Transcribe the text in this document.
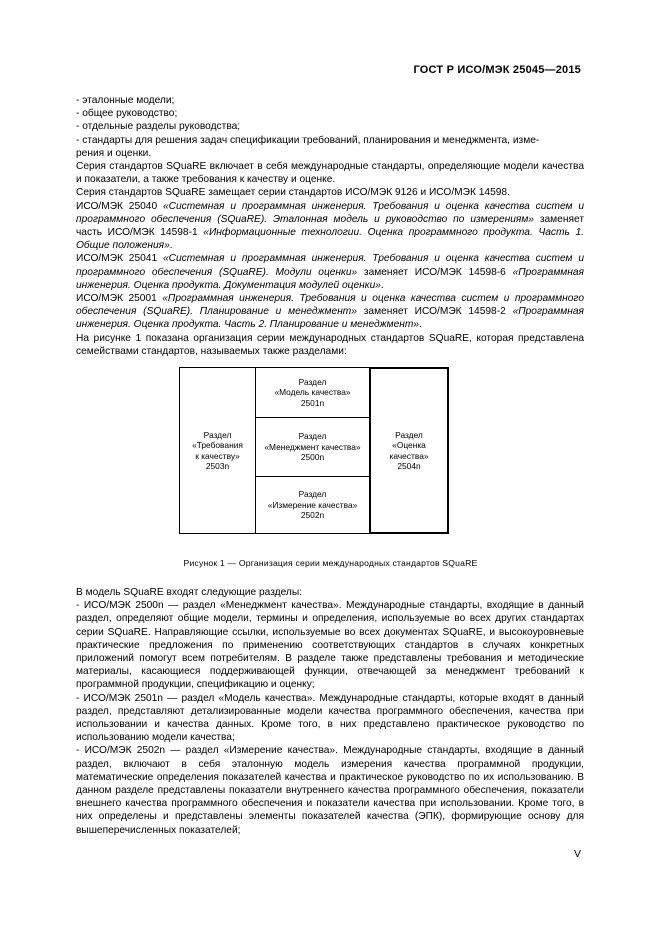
ГОСТ Р ИСО/МЭК 25045—2015

- эталонные модели;

- общее руководство;

- отдельные разделы руководства;

- стандарты для решения задач спецификации требований, планирования и менеджмента, изме-

рения и оценки.

Серия стандартов SQuaRE включает в себя международные стандарты, определяющие модели качества и показатели, а также требования к качеству и оценке.

Серия стандартов SQuaRE замещает серии стандартов ИСО/МЭК 9126 и ИСО/МЭК 14598.

ИСО/МЭК 25040 «Системная и программная инженерия. Требования и оценка качества систем и программного обеспечения (SQuaRE). Эталонная модель и руководство по измерениям» заменяет часть ИСО/МЭК 14598-1 «Информационные технологии. Оценка программного продукта. Часть 1. Общие положения».

ИСО/МЭК 25041 «Системная и программная инженерия. Требования и оценка качества систем и программного обеспечения (SQuaRE). Модули оценки» заменяет ИСО/МЭК 14598-6 «Программная инженерия. Оценка продукта. Документация модулей оценки».

ИСО/МЭК 25001 «Программная инженерия. Требования и оценка качества систем и программного обеспечения (SQuaRE). Планирование и менеджмент» заменяет ИСО/МЭК 14598-2 «Программная инженерия. Оценка продукта. Часть 2. Планирование и менеджмент».

На рисунке 1 показана организация серии международных стандартов SQuaRE, которая представлена семействами стандартов, называемых также разделами:

Раздел
«Требования
к качеству»
2503n
Раздел
«Модель качества»
2501n
Раздел
«Менеджмент качества»
2500n
Раздел
«Измерение качества»
2502n
Раздел
«Оценка
качества»
2504n
Рисунок 1 — Организация серии международных стандартов SQuaRE

В модель SQuaRE входят следующие разделы:

- ИСО/МЭК 2500n — раздел «Менеджмент качества». Международные стандарты, входящие в данный раздел, определяют общие модели, термины и определения, используемые во всех других стандартах серии SQuaRE. Направляющие ссылки, используемые во всех документах SQuaRE, и высокоуровневые практические предложения по применению соответствующих стандартов в случаях конкретных приложений помогут всем потребителям. В разделе также представлены требования и методические материалы, касающиеся поддерживающей функции, отвечающей за менеджмент требований к программной продукции, спецификацию и оценку;

- ИСО/МЭК 2501n — раздел «Модель качества». Международные стандарты, которые входят в данный раздел, представляют детализированные модели качества программного обеспечения, качества при использовании и качества данных. Кроме того, в них представлено практическое руководство по использованию модели качества;

- ИСО/МЭК 2502n — раздел «Измерение качества». Международные стандарты, входящие в данный раздел, включают в себя эталонную модель измерения качества программной продукции, математические определения показателей качества и практическое руководство по их использованию. В данном разделе представлены показатели внутреннего качества программного обеспечения, показатели внешнего качества программного обеспечения и показатели качества при использовании. Кроме того, в них определены и представлены элементы показателей качества (ЭПК), формирующие основу для вышеперечисленных показателей;

V
